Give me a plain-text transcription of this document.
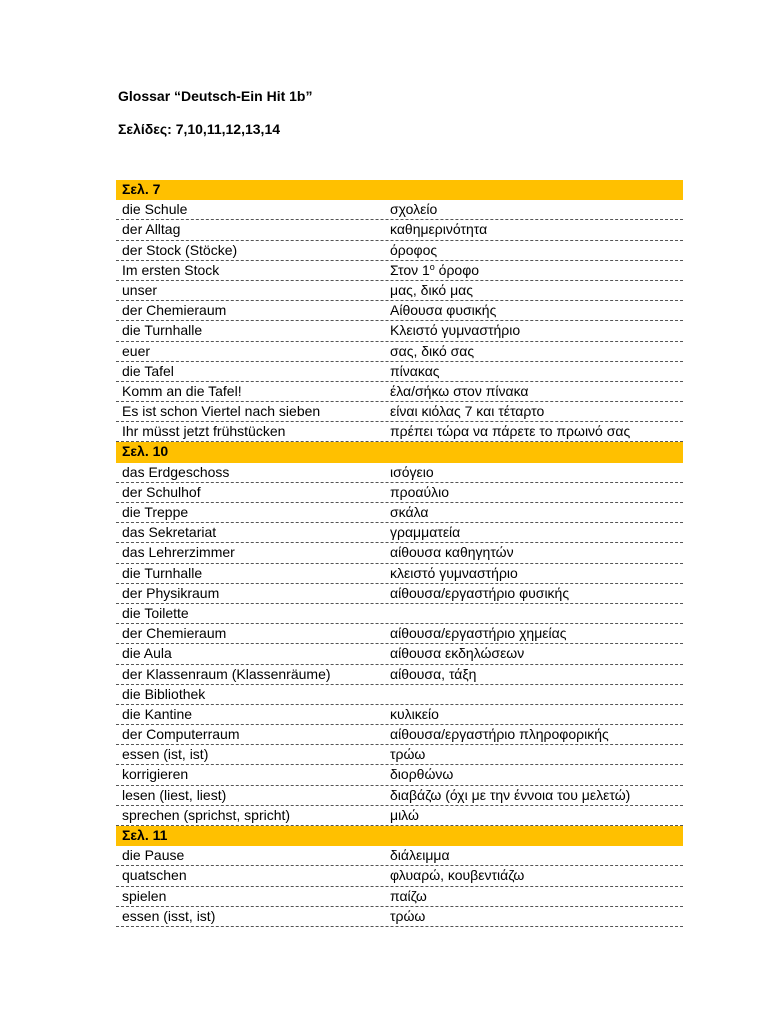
Glossar “Deutsch-Ein Hit 1b”

Σελίδες: 7,10,11,12,13,14

Σελ. 7
die Schule	σχολείο
der Alltag	καθημερινότητα
der Stock (Stöcke)	όροφος
Im ersten Stock	Στον $1^o$ όροφο
unser	μας, δικό μας
der Chemieraum	Αίθουσα φυσικής
die Turnhalle	Κλειστό γυμναστήριο
euer	σας, δικό σας
die Tafel	πίνακας
Komm an die Tafel!	έλα/σήκω στον πίνακα
Es ist schon Viertel nach sieben	είναι κιόλας 7 και τέταρτο
Ihr müsst jetzt frühstücken	πρέπει τώρα να πάρετε το πρωινό σας
Σελ. 10
das Erdgeschoss	ισόγειο
der Schulhof	προαύλιο
die Treppe	σκάλα
das Sekretariat	γραμματεία
das Lehrerzimmer	αίθουσα καθηγητών
die Turnhalle	κλειστό γυμναστήριο
der Physikraum	αίθουσα/εργαστήριο φυσικής
die Toilette
der Chemieraum	αίθουσα/εργαστήριο χημείας
die Aula	αίθουσα εκδηλώσεων
der Klassenraum (Klassenräume)	αίθουσα, τάξη
die Bibliothek
die Kantine	κυλικείο
der Computerraum	αίθουσα/εργαστήριο πληροφορικής
essen (ist, ist)	τρώω
korrigieren	διορθώνω
lesen (liest, liest)	διαβάζω (όχι με την έννοια του μελετώ)
sprechen (sprichst, spricht)	μιλώ
Σελ. 11
die Pause	διάλειμμα
quatschen	φλυαρώ, κουβεντιάζω
spielen	παίζω
essen (isst, ist)	τρώω
